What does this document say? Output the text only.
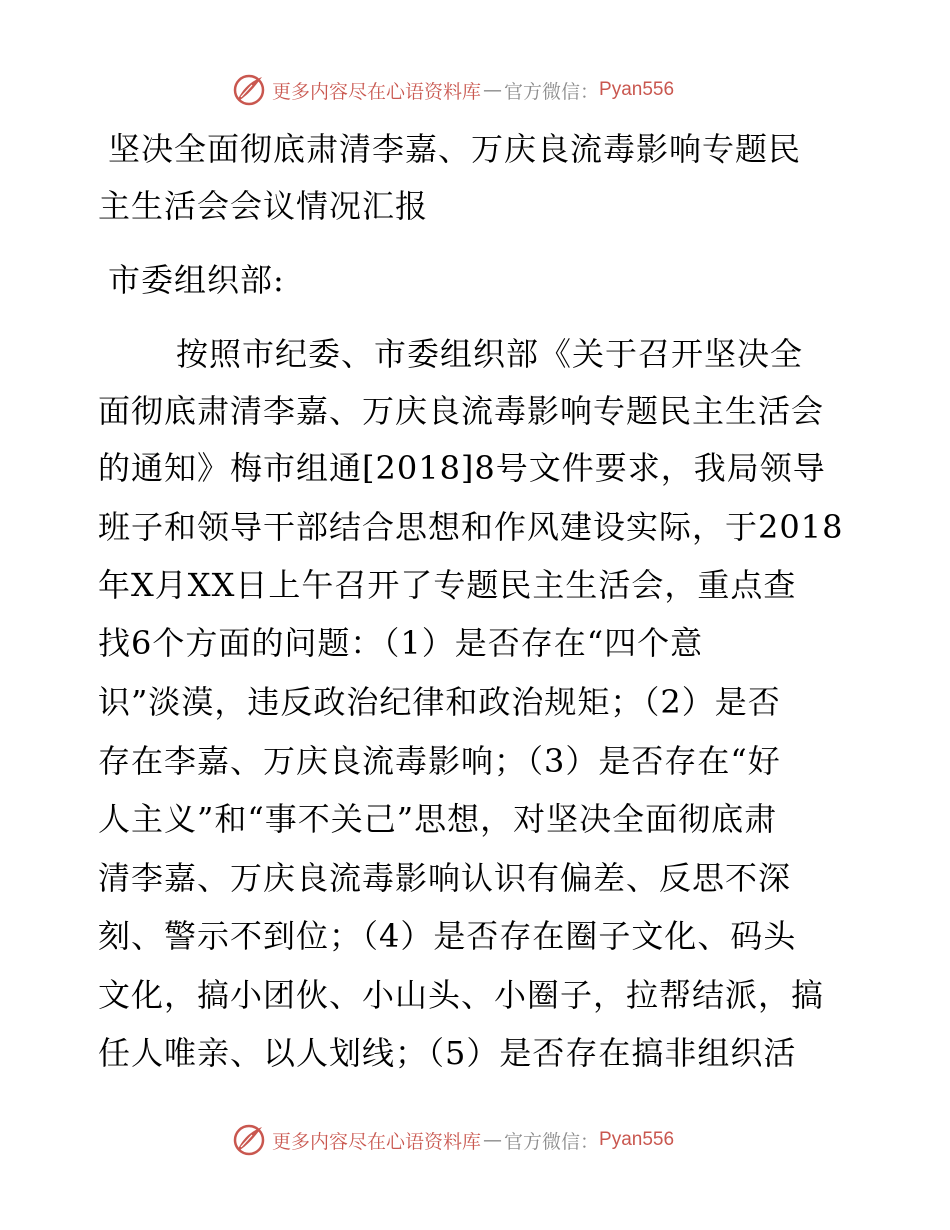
更多内容尽在心语资料库 — 官方微信： Pyan556
坚决全面彻底肃清李嘉、万庆良流毒影响专题民
主生活会会议情况汇报
市委组织部:
按照市纪委、市委组织部《关于召开坚决全
面彻底肃清李嘉、万庆良流毒影响专题民主生活会
的通知》梅市组通[2018]8号文件要求，我局领导
班子和领导干部结合思想和作风建设实际，于2018
年X月XX日上午召开了专题民主生活会，重点查
找6个方面的问题：（1）是否存在“四个意
识”淡漠，违反政治纪律和政治规矩；（2）是否
存在李嘉、万庆良流毒影响；（3）是否存在“好
人主义”和“事不关己”思想，对坚决全面彻底肃
清李嘉、万庆良流毒影响认识有偏差、反思不深
刻、警示不到位；（4）是否存在圈子文化、码头
文化，搞小团伙、小山头、小圈子，拉帮结派，搞
任人唯亲、以人划线；（5）是否存在搞非组织活
更多内容尽在心语资料库 — 官方微信： Pyan556
